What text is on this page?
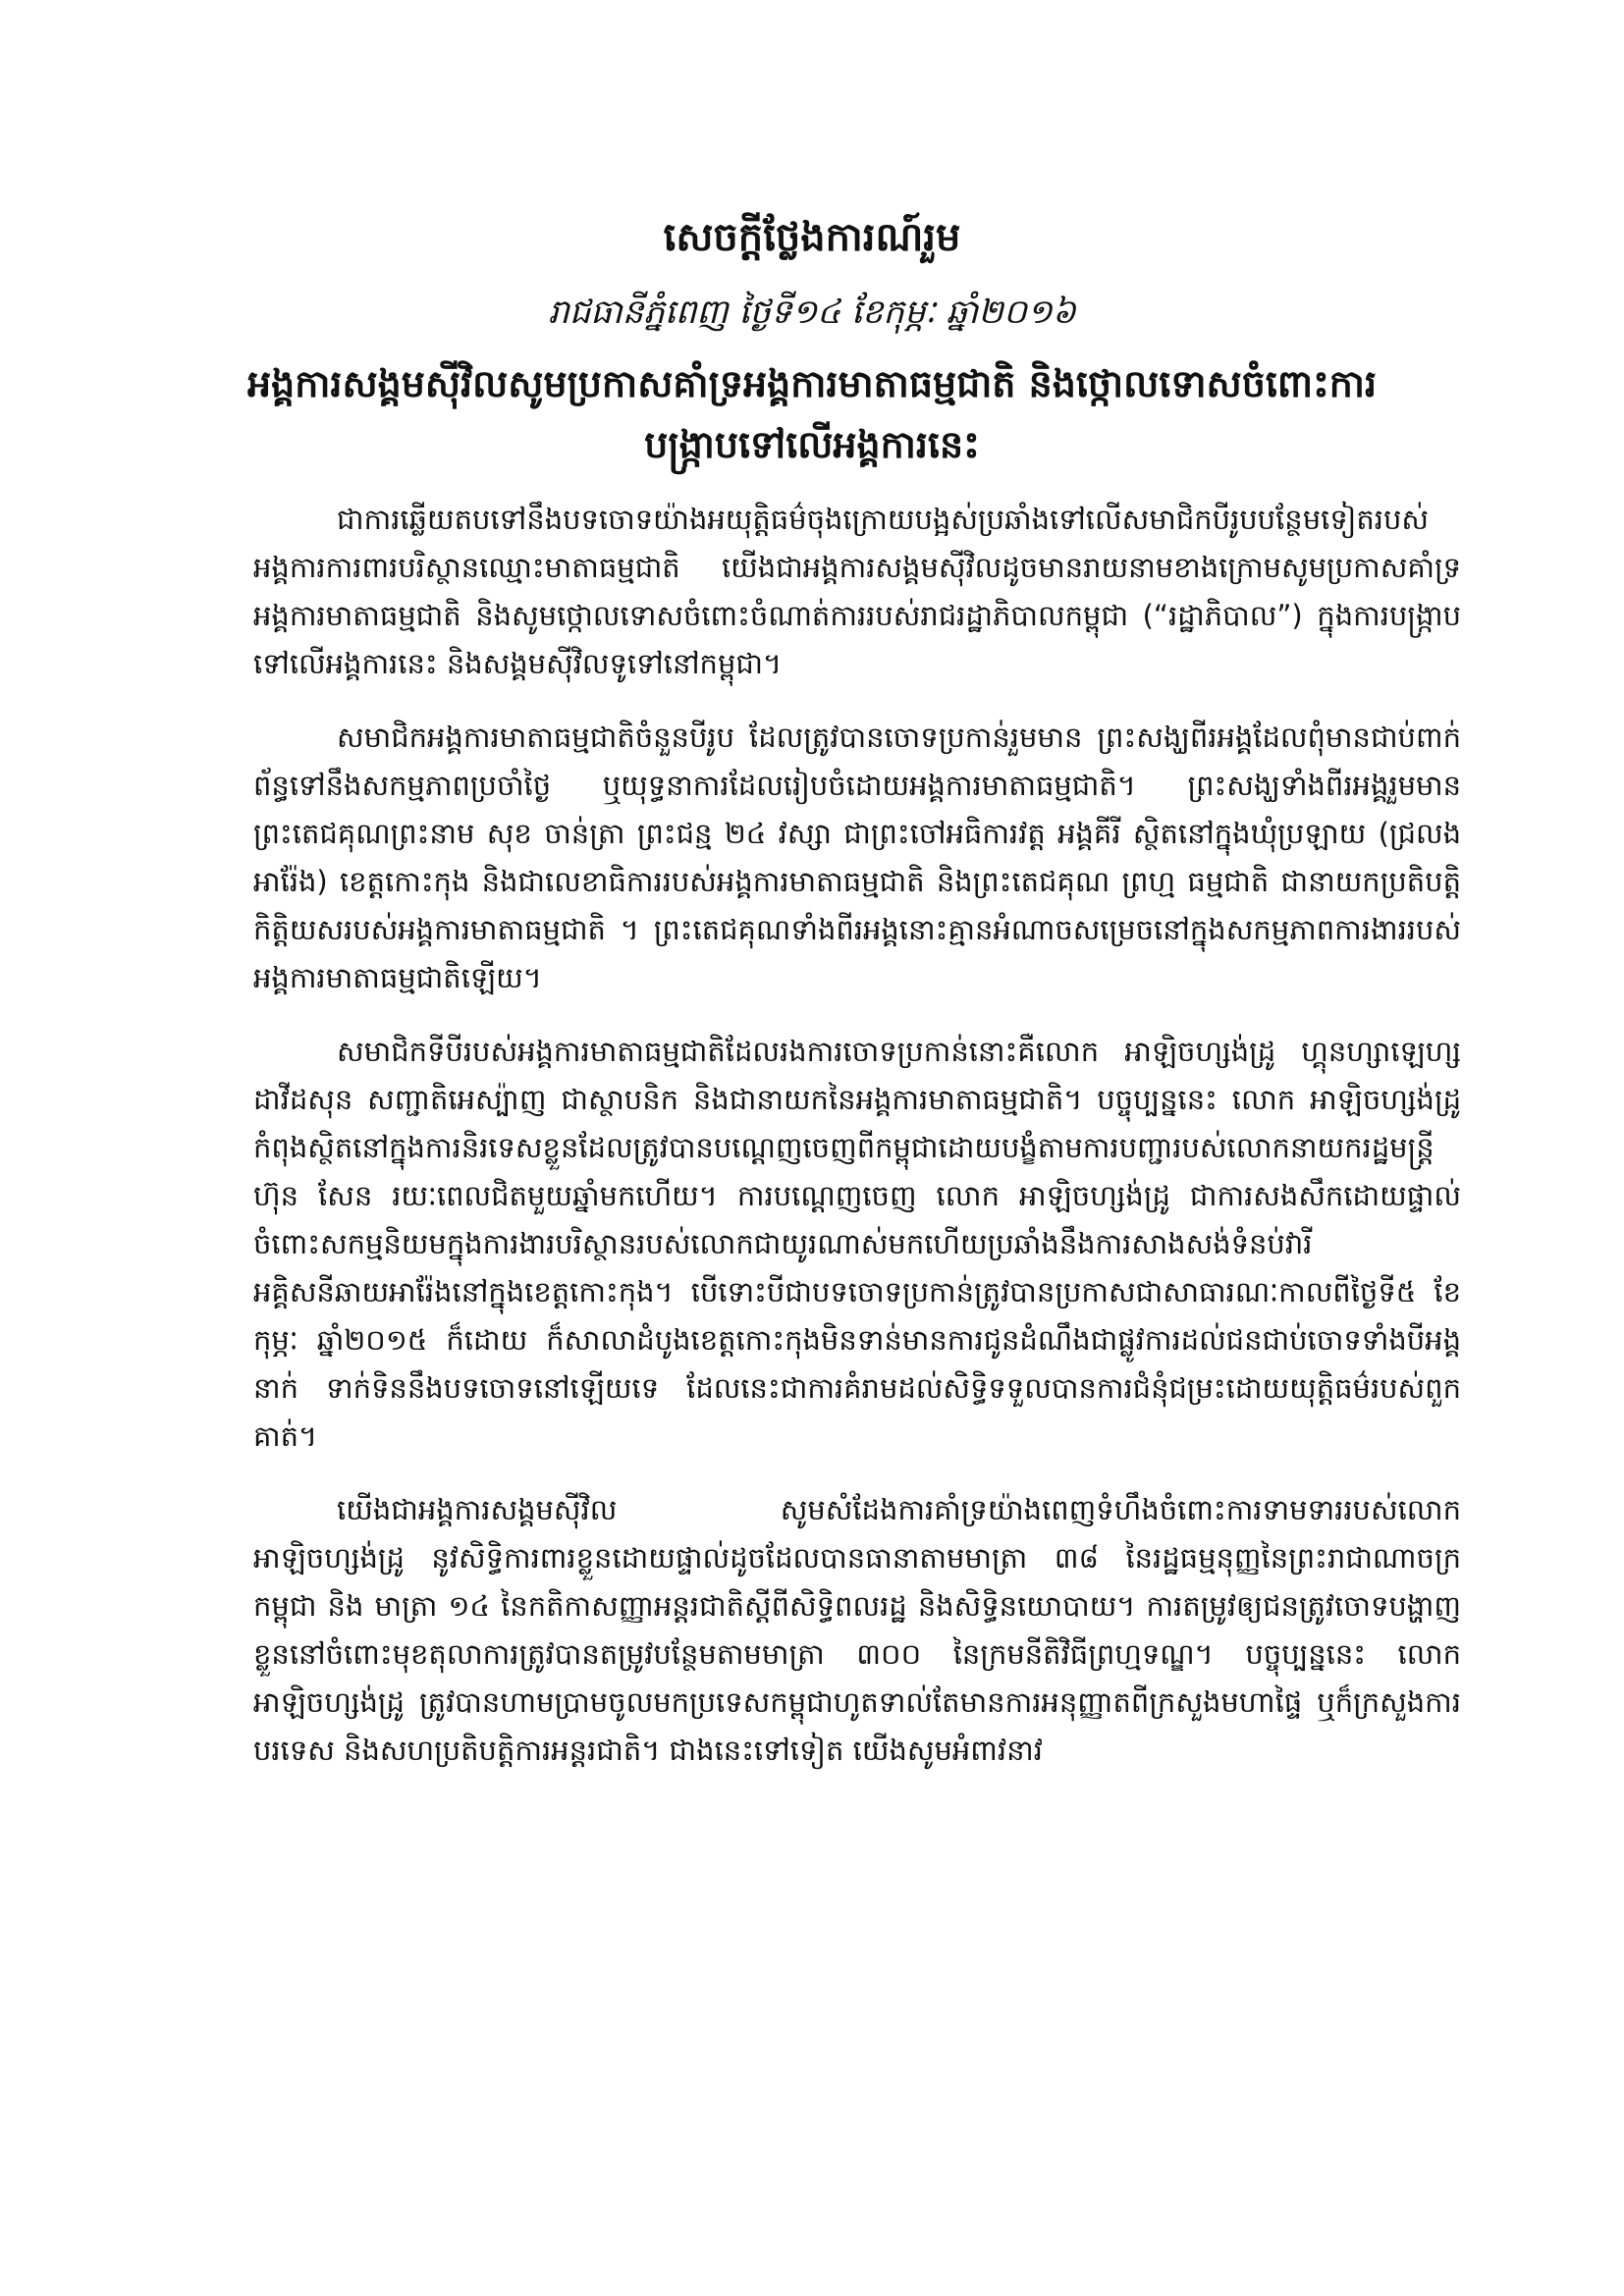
សេចក្តីថ្លែងការណ៍រួម
រាជធានីភ្នំពេញ ថ្ងៃទី១៤ ខែកុម្ភៈ ឆ្នាំ២០១៦
អង្គការសង្គមស៊ីវិលសូមប្រកាសគាំទ្រអង្គការមាតាធម្មជាតិ និងថ្កោលទោសចំពោះការបង្ក្រាបទៅលើអង្គការនេះ

ជាការឆ្លើយតបទៅនឹងបទចោទយ៉ាងអយុត្តិធម៌ចុងក្រោយបង្អស់ប្រឆាំងទៅលើសមាជិកបីរូបបន្ថែមទៀតរបស់អង្គការការពារបរិស្ថានឈ្មោះមាតាធម្មជាតិ យើងជាអង្គការសង្គមស៊ីវិលដូចមានរាយនាមខាងក្រោមសូមប្រកាសគាំទ្រអង្គការមាតាធម្មជាតិ និងសូមថ្កោលទោសចំពោះចំណាត់ការរបស់រាជរដ្ឋាភិបាលកម្ពុជា (“រដ្ឋាភិបាល”) ក្នុងការបង្ក្រាបទៅលើអង្គការនេះ និងសង្គមស៊ីវិលទូទៅនៅកម្ពុជា។

សមាជិកអង្គការមាតាធម្មជាតិចំនួនបីរូប ដែលត្រូវបានចោទប្រកាន់រួមមាន ព្រះសង្ឃពីរអង្គដែលពុំមានជាប់ពាក់ព័ន្ធទៅនឹងសកម្មភាពប្រចាំថ្ងៃ ឬយុទ្ធនាការដែលរៀបចំដោយអង្គការមាតាធម្មជាតិ។ ព្រះសង្ឃទាំងពីរអង្គរួមមាន ព្រះតេជគុណព្រះនាម សុខ ចាន់ត្រា ព្រះជន្ម ២៤ វស្សា ជាព្រះចៅអធិការវត្ត អង្គគីរី ស្ថិតនៅក្នុងឃុំប្រឡាយ (ជ្រលងអារ៉ែង) ខេត្តកោះកុង និងជាលេខាធិការរបស់អង្គការមាតាធម្មជាតិ និងព្រះតេជគុណ ព្រហ្ម ធម្មជាតិ ជានាយកប្រតិបត្តិកិត្តិយសរបស់អង្គការមាតាធម្មជាតិ ។ ព្រះតេជគុណទាំងពីរអង្គនោះគ្មានអំណាចសម្រេចនៅក្នុងសកម្មភាពការងាររបស់អង្គការមាតាធម្មជាតិឡើយ។

សមាជិកទីបីរបស់អង្គការមាតាធម្មជាតិដែលរងការចោទប្រកាន់នោះគឺលោក អាឡិចហ្សង់ដ្រូ ហ្គុនហ្សាឡេហ្ស ដាវីដសុន សញ្ជាតិអេស្ប៉ាញ ជាស្ថាបនិក និងជានាយកនៃអង្គការមាតាធម្មជាតិ។ បច្ចុប្បន្ននេះ លោក អាឡិចហ្សង់ដ្រូ កំពុងស្ថិតនៅក្នុងការនិរទេសខ្លួនដែលត្រូវបានបណ្តេញចេញពីកម្ពុជាដោយបង្ខំតាមការបញ្ជារបស់លោកនាយករដ្ឋមន្ត្រី ហ៊ុន សែន រយៈពេលជិតមួយឆ្នាំមកហើយ។ ការបណ្តេញចេញ លោក អាឡិចហ្សង់ដ្រូ ជាការសងសឹកដោយផ្ទាល់ចំពោះសកម្មនិយមក្នុងការងារបរិស្ថានរបស់លោកជាយូរណាស់មកហើយប្រឆាំងនឹងការសាងសង់ទំនប់វារីអគ្គិសនីឆាយអារ៉ែងនៅក្នុងខេត្តកោះកុង។ បើទោះបីជាបទចោទប្រកាន់ត្រូវបានប្រកាសជាសាធារណៈកាលពីថ្ងៃទី៥ ខែកុម្ភៈ ឆ្នាំ២០១៥ ក៏ដោយ ក៏សាលាដំបូងខេត្តកោះកុងមិនទាន់មានការជូនដំណឹងជាផ្លូវការដល់ជនជាប់ចោទទាំងបីអង្គ នាក់ ទាក់ទិននឹងបទចោទនៅឡើយទេ ដែលនេះជាការគំរាមដល់សិទ្ធិទទួលបានការជំនុំជម្រះដោយយុត្តិធម៌របស់ពួកគាត់។

យើងជាអង្គការសង្គមស៊ីវិល សូមសំដែងការគាំទ្រយ៉ាងពេញទំហឹងចំពោះការទាមទាររបស់លោក អាឡិចហ្សង់ដ្រូ នូវសិទ្ធិការពារខ្លួនដោយផ្ទាល់ដូចដែលបានធានាតាមមាត្រា ៣៨ នៃរដ្ឋធម្មនុញ្ញនៃព្រះរាជាណាចក្រកម្ពុជា និង មាត្រា ១៤ នៃកតិកាសញ្ញាអន្តរជាតិស្តីពីសិទ្ធិពលរដ្ឋ និងសិទ្ធិនយោបាយ។ ការតម្រូវឲ្យជនត្រូវចោទបង្ហាញខ្លួននៅចំពោះមុខតុលាការត្រូវបានតម្រូវបន្ថែមតាមមាត្រា ៣០០ នៃក្រមនីតិវិធីព្រហ្មទណ្ឌ។ បច្ចុប្បន្ននេះ លោក អាឡិចហ្សង់ដ្រូ ត្រូវបានហាមប្រាមចូលមកប្រទេសកម្ពុជាហូតទាល់តែមានការអនុញ្ញាតពីក្រសួងមហាផ្ទៃ ឬក៏ក្រសួងការបរទេស និងសហប្រតិបត្តិការអន្តរជាតិ។ ជាងនេះទៅទៀត យើងសូមអំពាវនាវ
